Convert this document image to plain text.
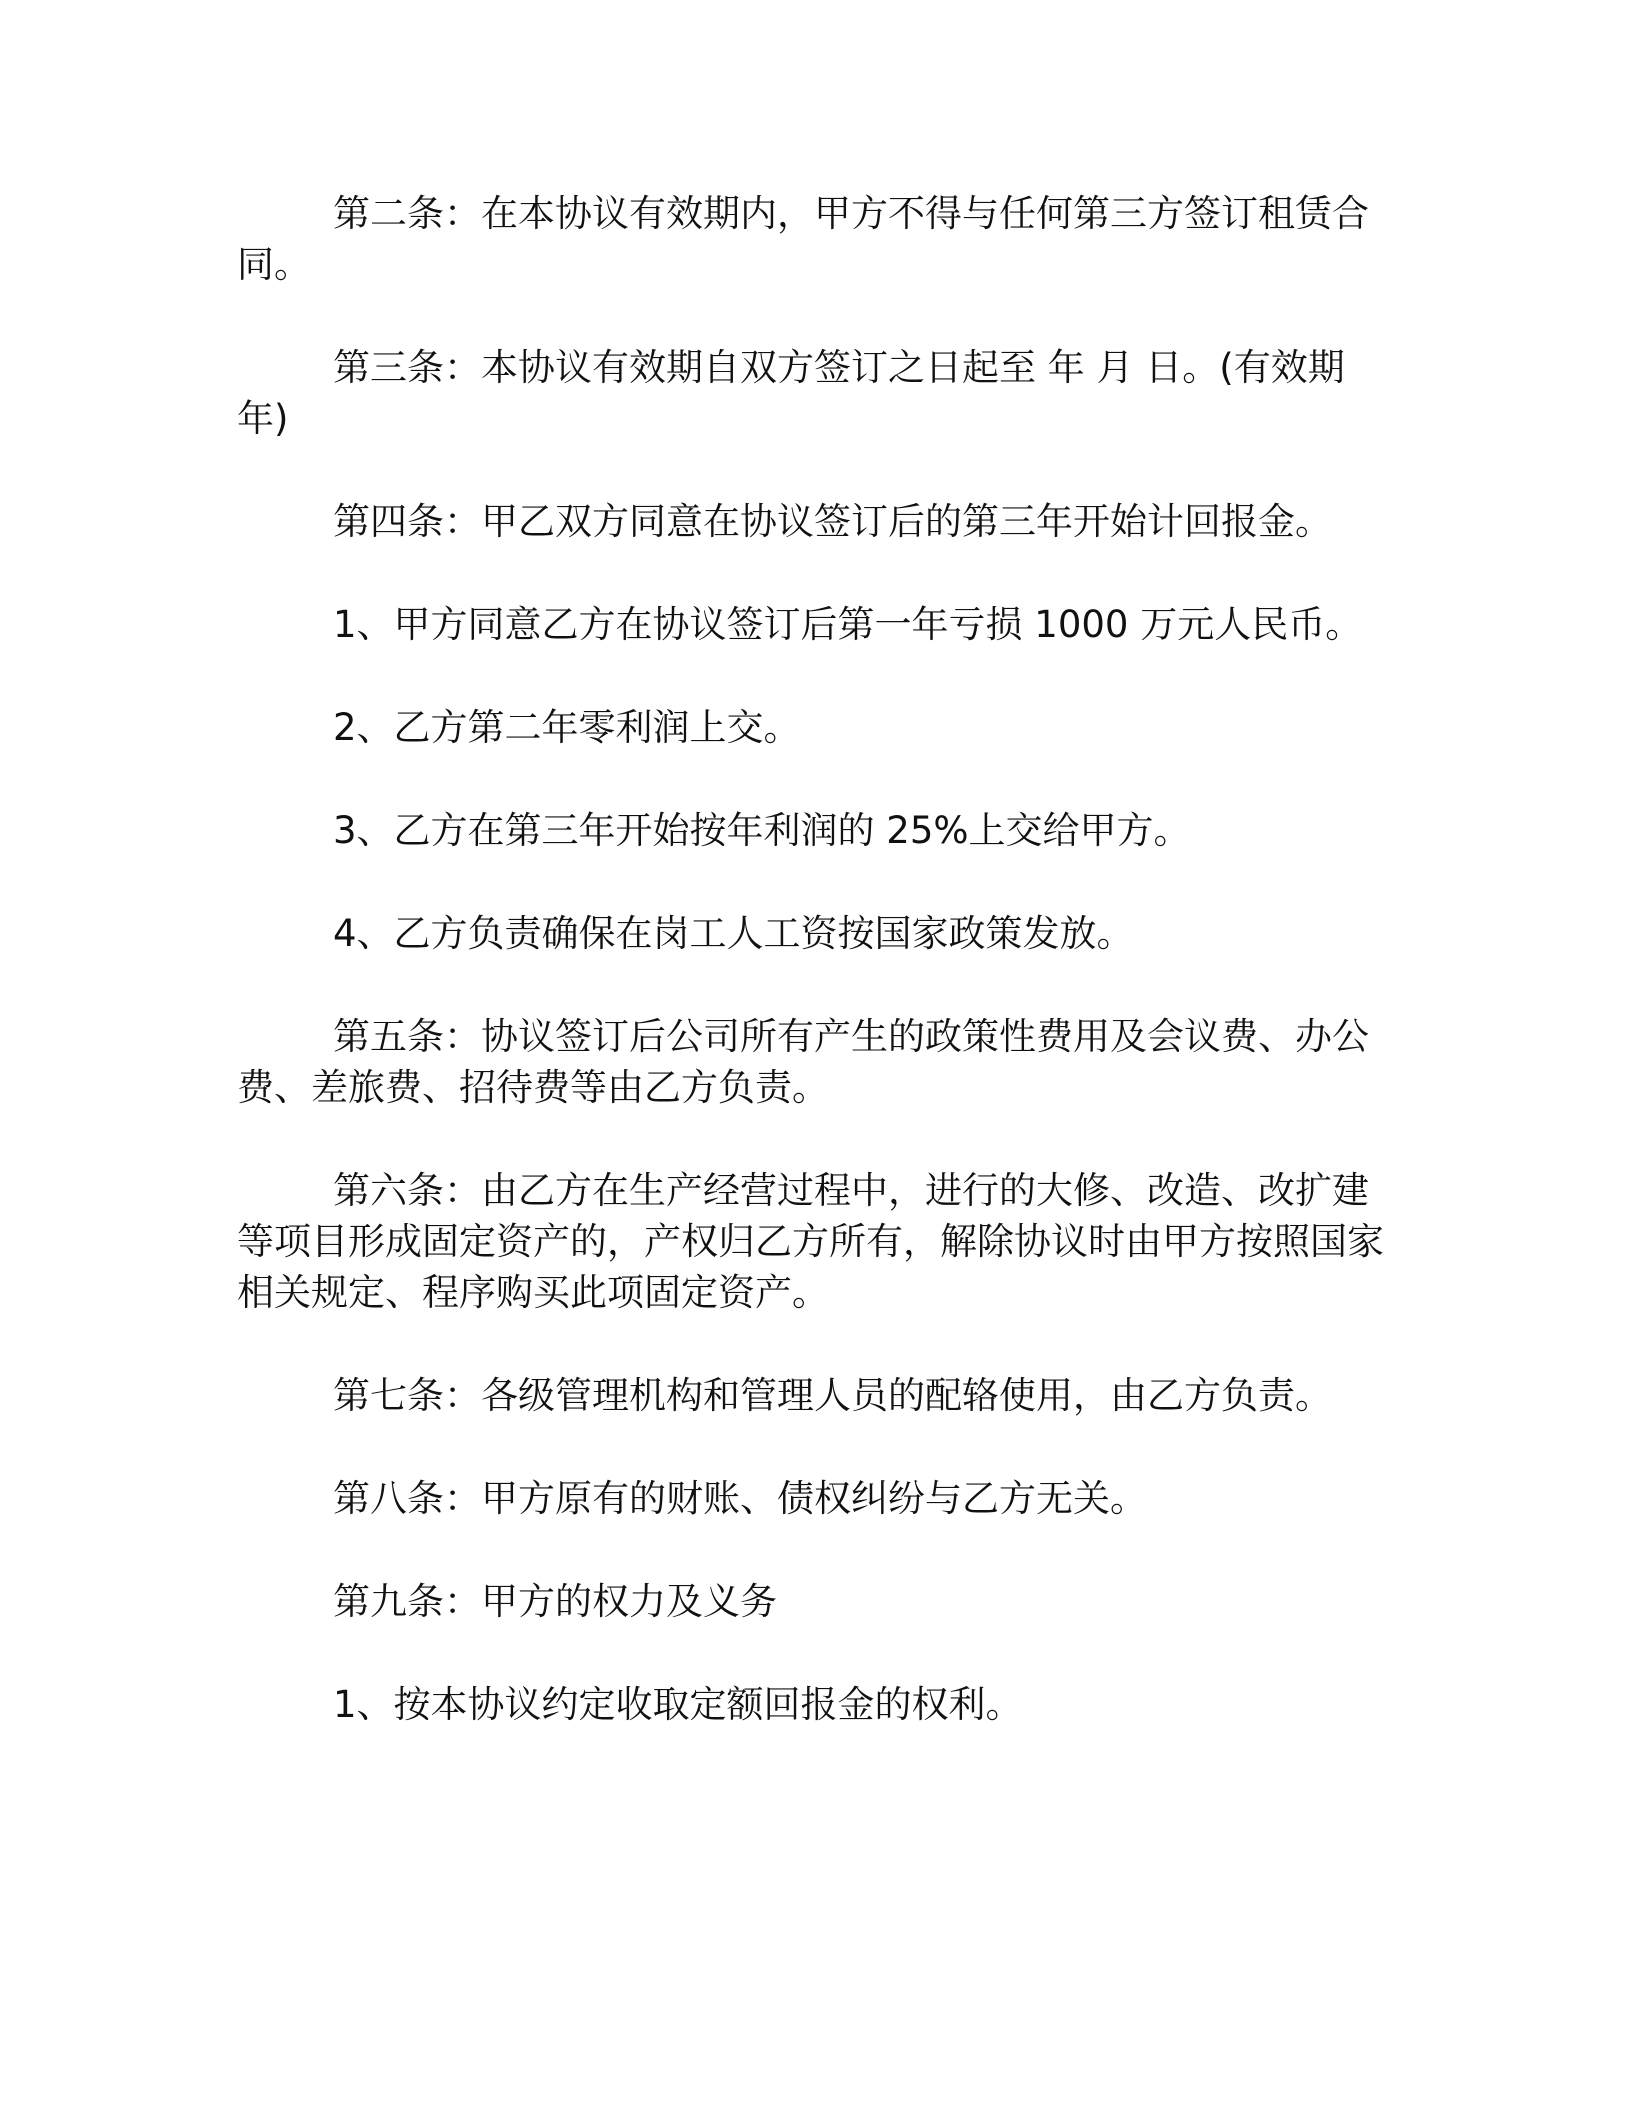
第二条：在本协议有效期内，甲方不得与任何第三方签订租赁合同。

第三条：本协议有效期自双方签订之日起至 年 月 日。(有效期 年)

第四条：甲乙双方同意在协议签订后的第三年开始计回报金。

1、甲方同意乙方在协议签订后第一年亏损 1000 万元人民币。

2、乙方第二年零利润上交。

3、乙方在第三年开始按年利润的 25%上交给甲方。

4、乙方负责确保在岗工人工资按国家政策发放。

第五条：协议签订后公司所有产生的政策性费用及会议费、办公费、差旅费、招待费等由乙方负责。

第六条：由乙方在生产经营过程中，进行的大修、改造、改扩建等项目形成固定资产的，产权归乙方所有，解除协议时由甲方按照国家相关规定、程序购买此项固定资产。

第七条：各级管理机构和管理人员的配辂使用，由乙方负责。

第八条：甲方原有的财账、债权纠纷与乙方无关。

第九条：甲方的权力及义务

1、按本协议约定收取定额回报金的权利。
